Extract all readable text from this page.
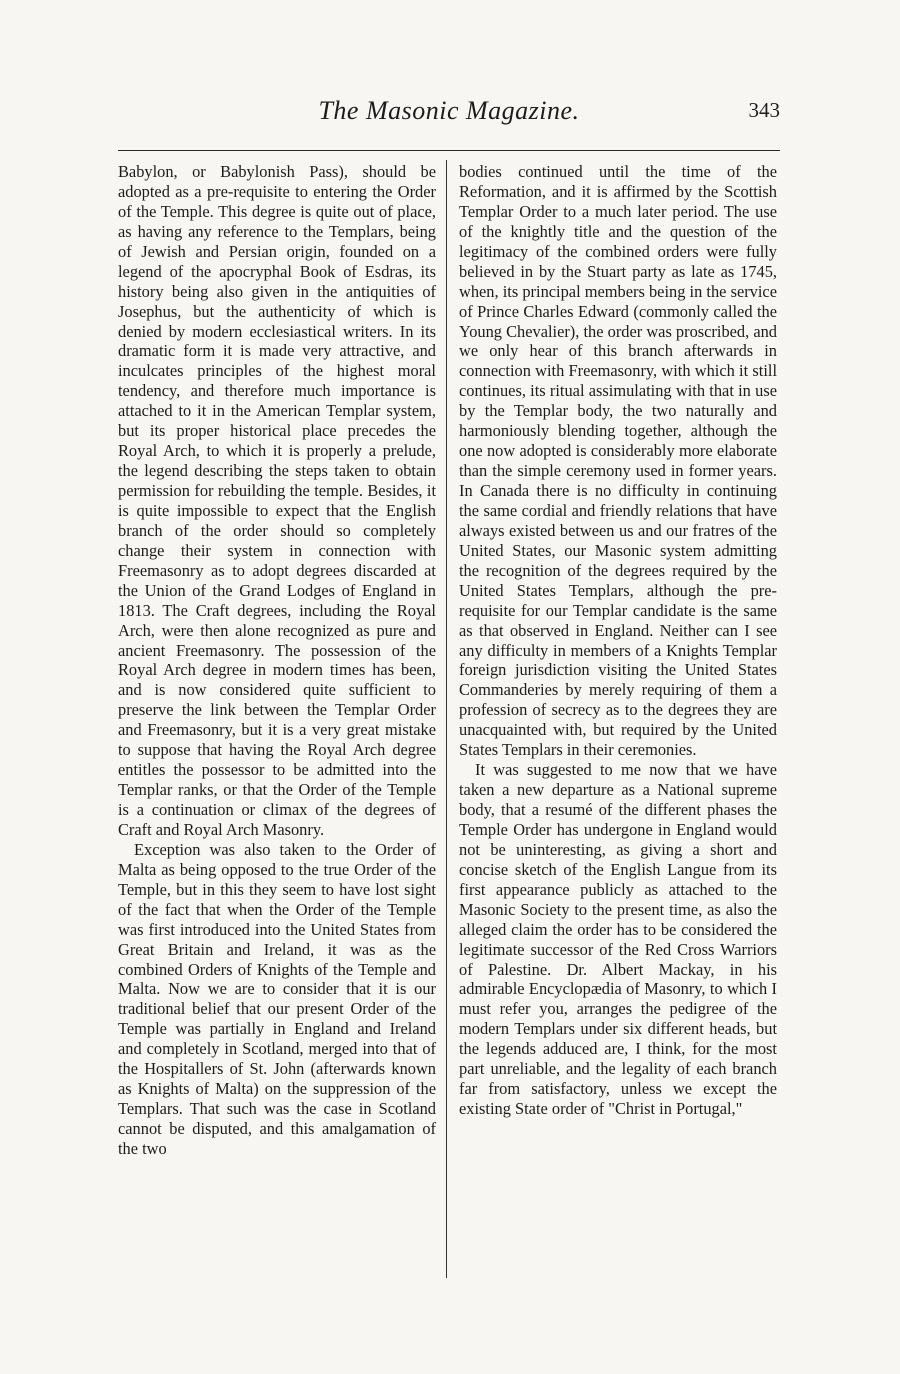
The Masonic Magazine.	343

Babylon, or Babylonish Pass), should be adopted as a pre-requisite to entering the Order of the Temple. This degree is quite out of place, as having any reference to the Templars, being of Jewish and Persian origin, founded on a legend of the apocryphal Book of Esdras, its history being also given in the antiquities of Josephus, but the authenticity of which is denied by modern ecclesiastical writers. In its dramatic form it is made very attractive, and inculcates principles of the highest moral tendency, and therefore much importance is attached to it in the American Templar system, but its proper historical place precedes the Royal Arch, to which it is properly a prelude, the legend describing the steps taken to obtain permission for rebuilding the temple. Besides, it is quite impossible to expect that the English branch of the order should so completely change their system in connection with Freemasonry as to adopt degrees discarded at the Union of the Grand Lodges of England in 1813. The Craft degrees, including the Royal Arch, were then alone recognized as pure and ancient Freemasonry. The possession of the Royal Arch degree in modern times has been, and is now considered quite sufficient to preserve the link between the Templar Order and Freemasonry, but it is a very great mistake to suppose that having the Royal Arch degree entitles the possessor to be admitted into the Templar ranks, or that the Order of the Temple is a continuation or climax of the degrees of Craft and Royal Arch Masonry.

Exception was also taken to the Order of Malta as being opposed to the true Order of the Temple, but in this they seem to have lost sight of the fact that when the Order of the Temple was first introduced into the United States from Great Britain and Ireland, it was as the combined Orders of Knights of the Temple and Malta. Now we are to consider that it is our traditional belief that our present Order of the Temple was partially in England and Ireland and completely in Scotland, merged into that of the Hospitallers of St. John (afterwards known as Knights of Malta) on the suppression of the Templars. That such was the case in Scotland cannot be disputed, and this amalgamation of the two

bodies continued until the time of the Reformation, and it is affirmed by the Scottish Templar Order to a much later period. The use of the knightly title and the question of the legitimacy of the combined orders were fully believed in by the Stuart party as late as 1745, when, its principal members being in the service of Prince Charles Edward (commonly called the Young Chevalier), the order was proscribed, and we only hear of this branch afterwards in connection with Freemasonry, with which it still continues, its ritual assimulating with that in use by the Templar body, the two naturally and harmoniously blending together, although the one now adopted is considerably more elaborate than the simple ceremony used in former years. In Canada there is no difficulty in continuing the same cordial and friendly relations that have always existed between us and our fratres of the United States, our Masonic system admitting the recognition of the degrees required by the United States Templars, although the pre-requisite for our Templar candidate is the same as that observed in England. Neither can I see any difficulty in members of a Knights Templar foreign jurisdiction visiting the United States Commanderies by merely requiring of them a profession of secrecy as to the degrees they are unacquainted with, but required by the United States Templars in their ceremonies.

It was suggested to me now that we have taken a new departure as a National supreme body, that a resumé of the different phases the Temple Order has undergone in England would not be uninteresting, as giving a short and concise sketch of the English Langue from its first appearance publicly as attached to the Masonic Society to the present time, as also the alleged claim the order has to be considered the legitimate successor of the Red Cross Warriors of Palestine. Dr. Albert Mackay, in his admirable Encyclopædia of Masonry, to which I must refer you, arranges the pedigree of the modern Templars under six different heads, but the legends adduced are, I think, for the most part unreliable, and the legality of each branch far from satisfactory, unless we except the existing State order of "Christ in Portugal,"
